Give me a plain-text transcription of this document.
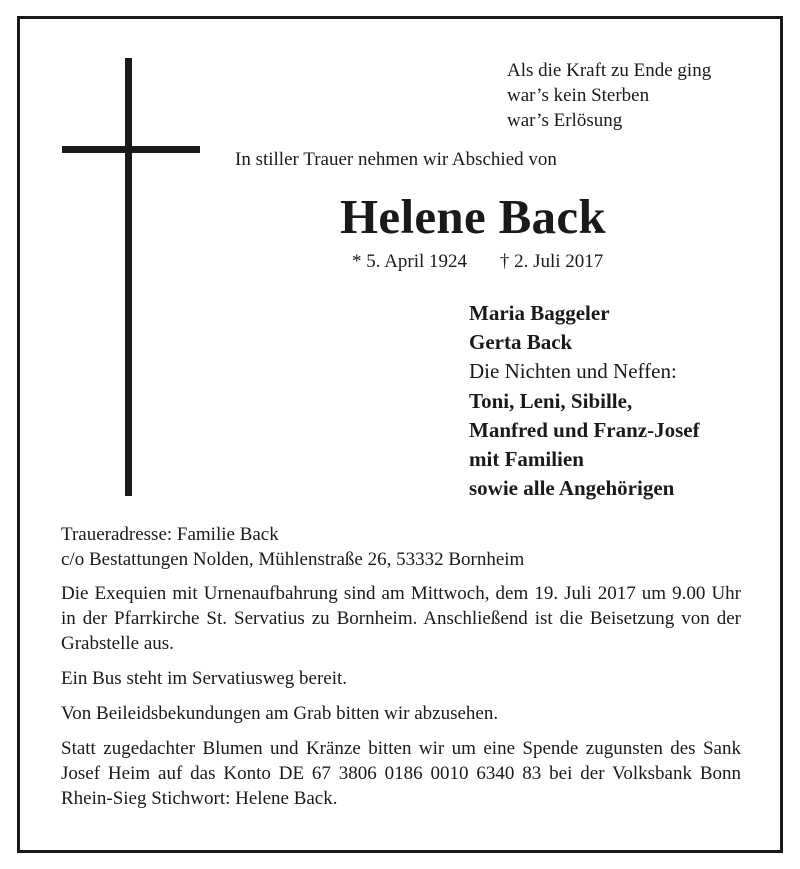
Als die Kraft zu Ende ging
war’s kein Sterben
war’s Erlösung
In stiller Trauer nehmen wir Abschied von
Helene Back
* 5. April 1924 † 2. Juli 2017
Maria Baggeler
Gerta Back
Die Nichten und Neffen:
Toni, Leni, Sibille,
Manfred und Franz-Josef
mit Familien
sowie alle Angehörigen

Traueradresse: Familie Back

c/o Bestattungen Nolden, Mühlenstraße 26, 53332 Bornheim

Die Exequien mit Urnenaufbahrung sind am Mittwoch, dem 19. Juli 2017 um 9.00 Uhr in der Pfarrkirche St. Servatius zu Bornheim. Anschließend ist die Beisetzung von der Grabstelle aus.

Ein Bus steht im Servatiusweg bereit.

Von Beileidsbekundungen am Grab bitten wir abzusehen.

Statt zugedachter Blumen und Kränze bitten wir um eine Spende zugunsten des Sank Josef Heim auf das Konto DE 67 3806 0186 0010 6340 83 bei der Volksbank Bonn Rhein-Sieg Stichwort: Helene Back.
